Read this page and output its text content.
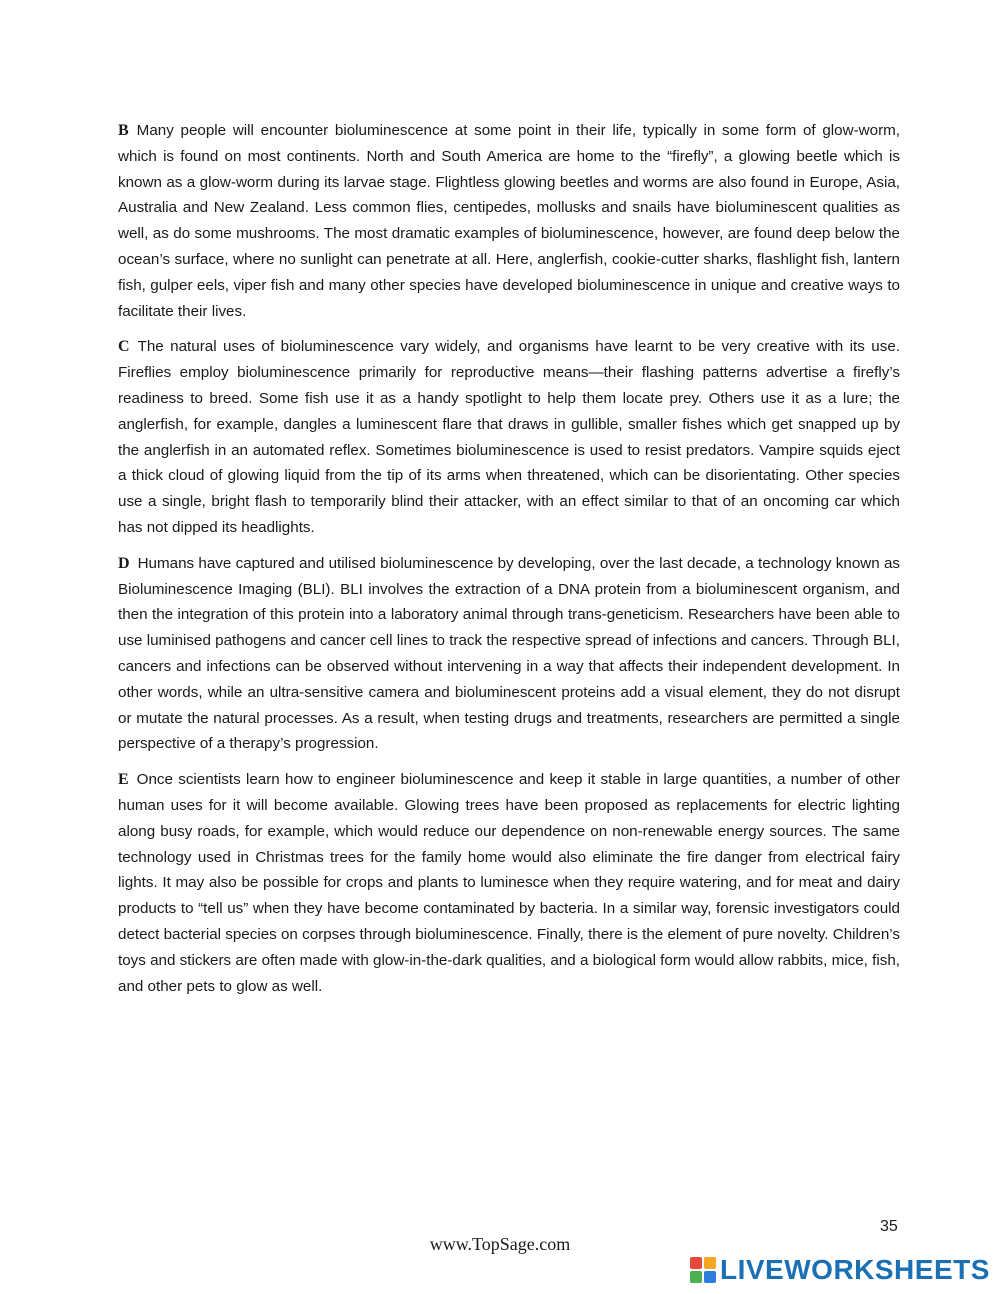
B Many people will encounter bioluminescence at some point in their life, typically in some form of glow-worm, which is found on most continents. North and South America are home to the “firefly”, a glowing beetle which is known as a glow-worm during its larvae stage. Flightless glowing beetles and worms are also found in Europe, Asia, Australia and New Zealand. Less common flies, centipedes, mollusks and snails have bioluminescent qualities as well, as do some mushrooms. The most dramatic examples of bioluminescence, however, are found deep below the ocean’s surface, where no sunlight can penetrate at all. Here, anglerfish, cookie-cutter sharks, flashlight fish, lantern fish, gulper eels, viper fish and many other species have developed bioluminescence in unique and creative ways to facilitate their lives.

C The natural uses of bioluminescence vary widely, and organisms have learnt to be very creative with its use. Fireflies employ bioluminescence primarily for reproductive means—their flashing patterns advertise a firefly’s readiness to breed. Some fish use it as a handy spotlight to help them locate prey. Others use it as a lure; the anglerfish, for example, dangles a luminescent flare that draws in gullible, smaller fishes which get snapped up by the anglerfish in an automated reflex. Sometimes bioluminescence is used to resist predators. Vampire squids eject a thick cloud of glowing liquid from the tip of its arms when threatened, which can be disorientating. Other species use a single, bright flash to temporarily blind their attacker, with an effect similar to that of an oncoming car which has not dipped its headlights.

D Humans have captured and utilised bioluminescence by developing, over the last decade, a technology known as Bioluminescence Imaging (BLI). BLI involves the extraction of a DNA protein from a bioluminescent organism, and then the integration of this protein into a laboratory animal through trans-geneticism. Researchers have been able to use luminised pathogens and cancer cell lines to track the respective spread of infections and cancers. Through BLI, cancers and infections can be observed without intervening in a way that affects their independent development. In other words, while an ultra-sensitive camera and bioluminescent proteins add a visual element, they do not disrupt or mutate the natural processes. As a result, when testing drugs and treatments, researchers are permitted a single perspective of a therapy’s progression.

E Once scientists learn how to engineer bioluminescence and keep it stable in large quantities, a number of other human uses for it will become available. Glowing trees have been proposed as replacements for electric lighting along busy roads, for example, which would reduce our dependence on non-renewable energy sources. The same technology used in Christmas trees for the family home would also eliminate the fire danger from electrical fairy lights. It may also be possible for crops and plants to luminesce when they require watering, and for meat and dairy products to “tell us” when they have become contaminated by bacteria. In a similar way, forensic investigators could detect bacterial species on corpses through bioluminescence. Finally, there is the element of pure novelty. Children’s toys and stickers are often made with glow-in-the-dark qualities, and a biological form would allow rabbits, mice, fish, and other pets to glow as well.

35
www.TopSage.com
LIVEWORKSHEETS
